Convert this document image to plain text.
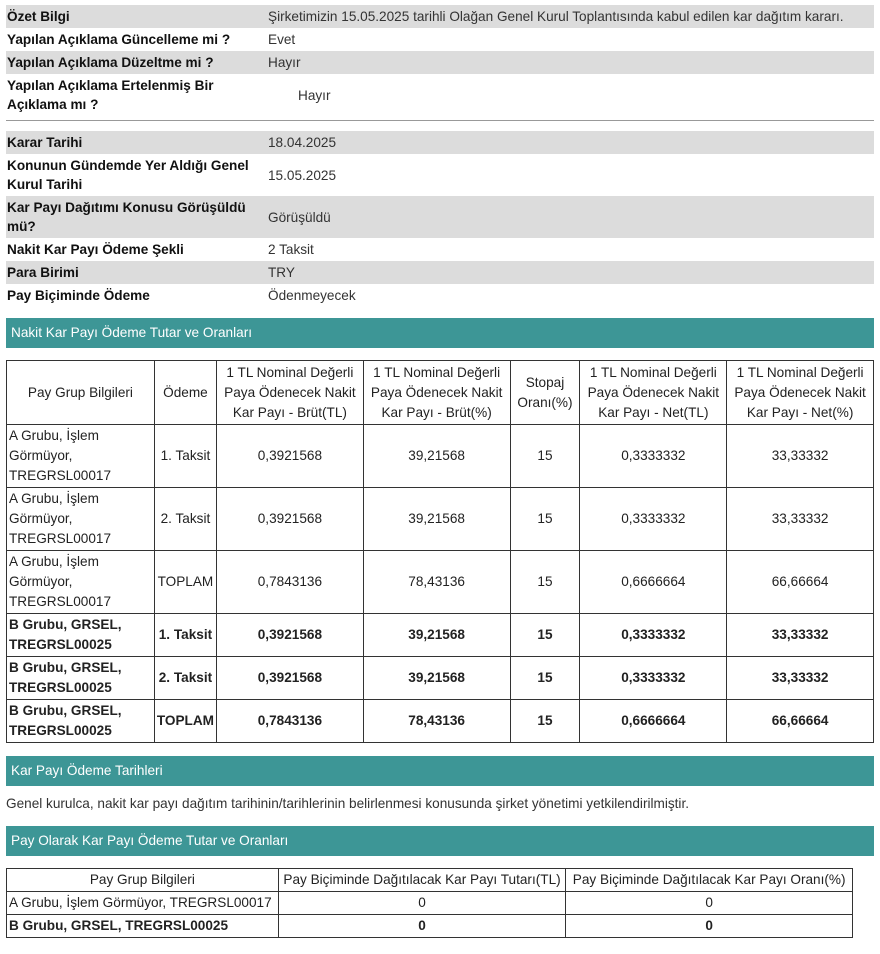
Özet Bilgi	Şirketimizin 15.05.2025 tarihli Olağan Genel Kurul Toplantısında kabul edilen kar dağıtım kararı.
Yapılan Açıklama Güncelleme mi ?	Evet
Yapılan Açıklama Düzeltme mi ?	Hayır
Yapılan Açıklama Ertelenmiş Bir Açıklama mı ?	Hayır
Karar Tarihi	18.04.2025
Konunun Gündemde Yer Aldığı Genel Kurul Tarihi	15.05.2025
Kar Payı Dağıtımı Konusu Görüşüldü mü?	Görüşüldü
Nakit Kar Payı Ödeme Şekli	2 Taksit
Para Birimi	TRY
Pay Biçiminde Ödeme	Ödenmeyecek
Nakit Kar Payı Ödeme Tutar ve Oranları
Pay Grup Bilgileri	Ödeme	1 TL Nominal Değerli Paya Ödenecek Nakit Kar Payı - Brüt(TL)	1 TL Nominal Değerli Paya Ödenecek Nakit Kar Payı - Brüt(%)	Stopaj Oranı(%)	1 TL Nominal Değerli Paya Ödenecek Nakit Kar Payı - Net(TL)	1 TL Nominal Değerli Paya Ödenecek Nakit Kar Payı - Net(%)
A Grubu, İşlem Görmüyor, TREGRSL00017	1. Taksit	0,3921568	39,21568	15	0,3333332	33,33332
A Grubu, İşlem Görmüyor, TREGRSL00017	2. Taksit	0,3921568	39,21568	15	0,3333332	33,33332
A Grubu, İşlem Görmüyor, TREGRSL00017	TOPLAM	0,7843136	78,43136	15	0,6666664	66,66664
B Grubu, GRSEL, TREGRSL00025	1. Taksit	0,3921568	39,21568	15	0,3333332	33,33332
B Grubu, GRSEL, TREGRSL00025	2. Taksit	0,3921568	39,21568	15	0,3333332	33,33332
B Grubu, GRSEL, TREGRSL00025	TOPLAM	0,7843136	78,43136	15	0,6666664	66,66664
Kar Payı Ödeme Tarihleri

Genel kurulca, nakit kar payı dağıtım tarihinin/tarihlerinin belirlenmesi konusunda şirket yönetimi yetkilendirilmiştir.

Pay Olarak Kar Payı Ödeme Tutar ve Oranları
Pay Grup Bilgileri	Pay Biçiminde Dağıtılacak Kar Payı Tutarı(TL)	Pay Biçiminde Dağıtılacak Kar Payı Oranı(%)
A Grubu, İşlem Görmüyor, TREGRSL00017	0	0
B Grubu, GRSEL, TREGRSL00025	0	0
